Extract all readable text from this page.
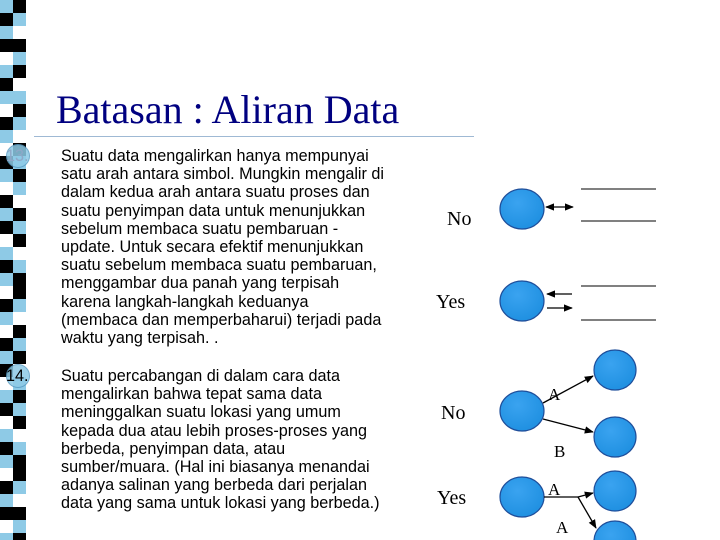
Batasan : Aliran Data
13. Suatu data mengalirkan hanya mempunyai
satu arah antara simbol. Mungkin mengalir di
dalam kedua arah antara suatu proses dan
suatu penyimpan data untuk menunjukkan
sebelum membaca suatu pembaruan -
update. Untuk secara efektif menunjukkan
suatu sebelum membaca suatu pembaruan,
menggambar dua panah yang terpisah
karena langkah-langkah keduanya
(membaca dan memperbaharui) terjadi pada
waktu yang terpisah. .
14. Suatu percabangan di dalam cara data
mengalirkan bahwa tepat sama data
meninggalkan suatu lokasi yang umum
kepada dua atau lebih proses-proses yang
berbeda, penyimpan data, atau
sumber/muara. (Hal ini biasanya menandai
adanya salinan yang berbeda dari perjalan
data yang sama untuk lokasi yang berbeda.)
No
Yes
No
A
B
Yes	A
A
